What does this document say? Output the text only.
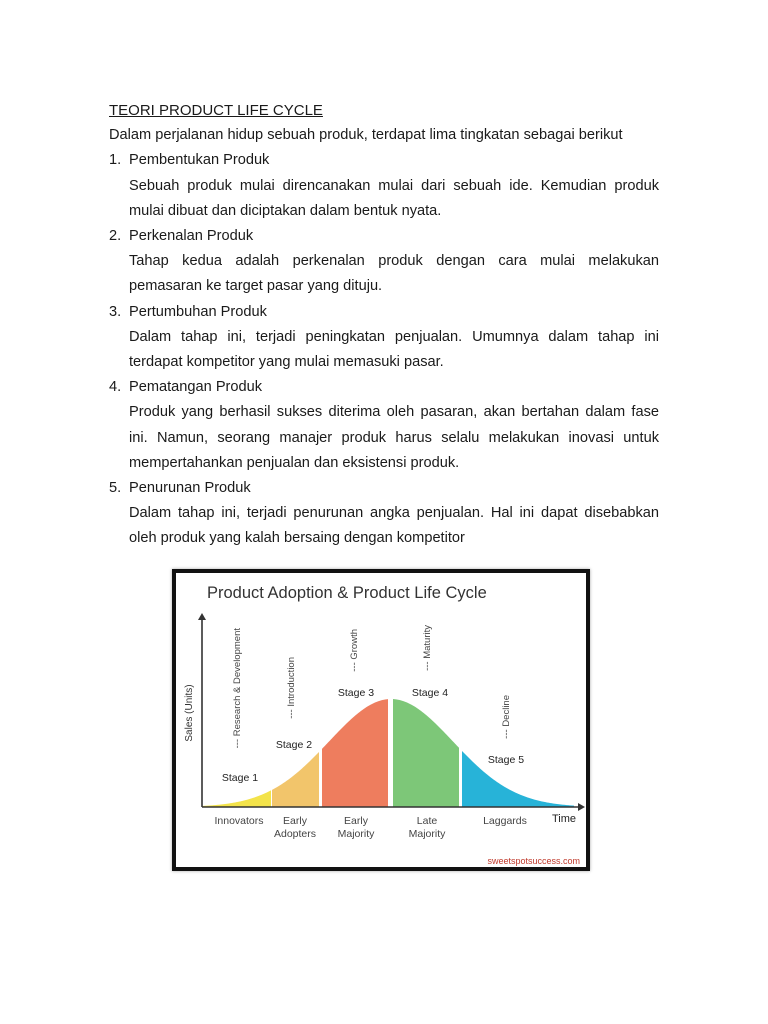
TEORI PRODUCT LIFE CYCLE
Dalam perjalanan hidup sebuah produk, terdapat lima tingkatan sebagai berikut
1. Pembentukan Produk
Sebuah produk mulai direncanakan mulai dari sebuah ide. Kemudian produk mulai dibuat dan diciptakan dalam bentuk nyata.
2. Perkenalan Produk
Tahap kedua adalah perkenalan produk dengan cara mulai melakukan pemasaran ke target pasar yang dituju.
3. Pertumbuhan Produk
Dalam tahap ini, terjadi peningkatan penjualan. Umumnya dalam tahap ini terdapat kompetitor yang mulai memasuki pasar.
4. Pematangan Produk
Produk yang berhasil sukses diterima oleh pasaran, akan bertahan dalam fase ini. Namun, seorang manajer produk harus selalu melakukan inovasi untuk mempertahankan penjualan dan eksistensi produk.
5. Penurunan Produk
Dalam tahap ini, terjadi penurunan angka penjualan. Hal ini dapat disebabkan oleh produk yang kalah bersaing dengan kompetitor
Product Adoption & Product Life Cycle
Sales (Units)
Time
sweetspotsuccess.com
--- Research & Development	--- Introduction
--- Growth	--- Maturity
--- Decline
Stage 1
Stage 2
Stage 3	Stage 4
Stage 5
Innovators Early
Adopters
Early
Majority
Late
Majority
Laggards
